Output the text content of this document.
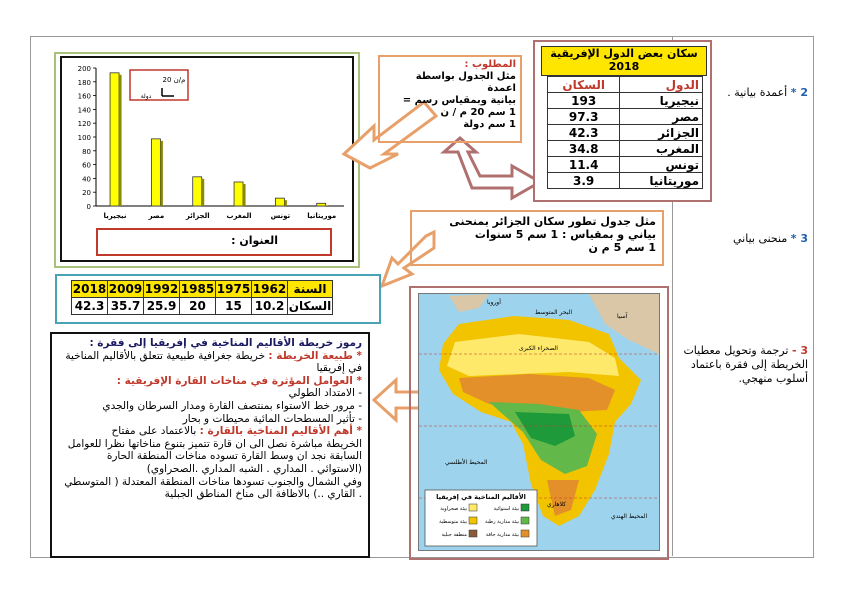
2 * أعمدة بيانية .
3 * منحنى بياني
3 - ترجمة وتحويل معطيات الخريطة إلى فقرة باعتماد أسلوب منهجي.
0
20
40
60
80
100
120
140
160
180
200
نيجيريا	مصر	الجزائر المغرب	تونس موريتانيا
20 م/ن
دولة
العنوان :
المطلوب :
مثل الجدول بواسطة اعمدة
بيانية وبمقياس رسم =
1 سم 20 م / ن
1 سم دولة
سكان بعض الدول الإفريقية
2018
الدول	السكان
نيجيريا	193
مصر	97.3
الجزائر	42.3
المغرب	34.8
تونس	11.4
موريتانيا	3.9
مثل جدول تطور سكان الجزائر بمنحنى
بياني و بمقياس : 1 سم 5 سنوات
1 سم 5 م ن
السنة	1962	1975	1985	1992	2009	2018
السكان	10.2	15	20	25.9	35.7	42.3
رموز خريطة الأقاليم المناخية في إفريقيا إلى فقرة :
* طبيعة الخريطة : خريطة جغرافية طبيعية تتعلق بالأقاليم المناخية في إفريقيا
* العوامل المؤثرة في مناخات القارة الإفريقية :
- الامتداد الطولي
- مرور خط الاستواء بمنتصف القارة ومدار السرطان والجدي
- تأثير المسطحات المائية محيطات و بحار
* أهم الأقاليم المناخية بالقارة : بالاعتماد على مفتاح
الخريطة مباشرة نصل الى ان قارة تتميز بتنوع مناخاتها نظرا للعوامل السابقة نجد ان وسط القارة تسوده مناخات المنطقة الحارة
(الاستوائي . المداري . الشبه المداري .الصحراوي)
وفي الشمال والجنوب تسودها مناخات المنطقة المعتدلة ( المتوسطي . القاري ..) بالاظافة الى مناخ المناطق الجبلية
أوروبا
آسيا
البحر المتوسط
الصحراء الكبرى
المحيط الأطلسي
المحيط الهندي
كلاهاري
الأقاليم المناخية في إفريقيا
بيئة استوائية
بيئة صحراوية
بيئة مدارية رطبة
بيئة متوسطية
بيئة مدارية جافة
منطقة جبلية
